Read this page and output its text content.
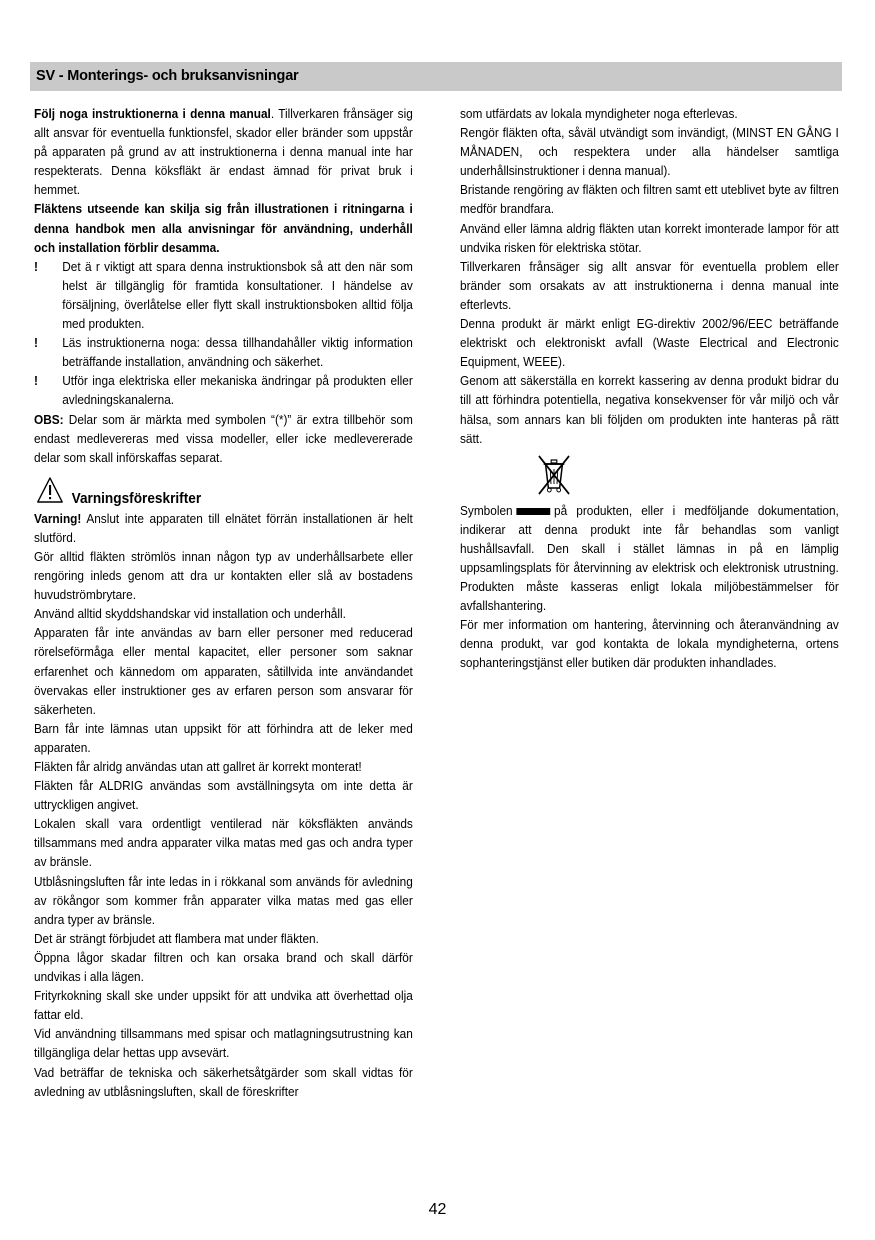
SV - Monterings- och bruksanvisningar

Följ noga instruktionerna i denna manual. Tillverkaren frånsäger sig allt ansvar för eventuella funktionsfel, skador eller bränder som uppstår på apparaten på grund av att instruktionerna i denna manual inte har respekterats. Denna köksfläkt är endast ämnad för privat bruk i hemmet.

Fläktens utseende kan skilja sig från illustrationen i ritningarna i denna handbok men alla anvisningar för användning, underhåll och installation förblir desamma.

! Det ä r viktigt att spara denna instruktionsbok så att den när som helst är tillgänglig för framtida konsultationer. I händelse av försäljning, överlåtelse eller flytt skall instruktionsboken alltid följa med produkten.
! Läs instruktionerna noga: dessa tillhandahåller viktig information beträffande installation, användning och säkerhet.
! Utför inga elektriska eller mekaniska ändringar på produkten eller avledningskanalerna.

OBS: Delar som är märkta med symbolen “(*)” är extra tillbehör som endast medlevereras med vissa modeller, eller icke medlevererade delar som skall införskaffas separat.

Varningsföreskrifter

Varning! Anslut inte apparaten till elnätet förrän installationen är helt slutförd.

Gör alltid fläkten strömlös innan någon typ av underhållsarbete eller rengöring inleds genom att dra ur kontakten eller slå av bostadens huvudströmbrytare.

Använd alltid skyddshandskar vid installation och underhåll.

Apparaten får inte användas av barn eller personer med reducerad rörelseförmåga eller mental kapacitet, eller personer som saknar erfarenhet och kännedom om apparaten, såtillvida inte användandet övervakas eller instruktioner ges av erfaren person som ansvarar för säkerheten.

Barn får inte lämnas utan uppsikt för att förhindra att de leker med apparaten.

Fläkten får alridg användas utan att gallret är korrekt monterat!

Fläkten får ALDRIG användas som avställningsyta om inte detta är uttryckligen angivet.

Lokalen skall vara ordentligt ventilerad när köksfläkten används tillsammans med andra apparater vilka matas med gas och andra typer av bränsle.

Utblåsningsluften får inte ledas in i rökkanal som används för avledning av rökångor som kommer från apparater vilka matas med gas eller andra typer av bränsle.

Det är strängt förbjudet att flambera mat under fläkten.

Öppna lågor skadar filtren och kan orsaka brand och skall därför undvikas i alla lägen.

Frityrkokning skall ske under uppsikt för att undvika att överhettad olja fattar eld.

Vid användning tillsammans med spisar och matlagningsutrustning kan tillgängliga delar hettas upp avsevärt.

Vad beträffar de tekniska och säkerhetsåtgärder som skall vidtas för avledning av utblåsningsluften, skall de föreskrifter

som utfärdats av lokala myndigheter noga efterlevas.

Rengör fläkten ofta, såväl utvändigt som invändigt, (MINST EN GÅNG I MÅNADEN, och respektera under alla händelser samtliga underhållsinstruktioner i denna manual).

Bristande rengöring av fläkten och filtren samt ett uteblivet byte av filtren medför brandfara.

Använd eller lämna aldrig fläkten utan korrekt imonterade lampor för att undvika risken för elektriska stötar.

Tillverkaren frånsäger sig allt ansvar för eventuella problem eller bränder som orsakats av att instruktionerna i denna manual inte efterlevts.

Denna produkt är märkt enligt EG-direktiv 2002/96/EEC beträffande elektriskt och elektroniskt avfall (Waste Electrical and Electronic Equipment, WEEE).

Genom att säkerställa en korrekt kassering av denna produkt bidrar du till att förhindra potentiella, negativa konsekvenser för vår miljö och vår hälsa, som annars kan bli följden om produkten inte hanteras på rätt sätt.

Symbolen	på produkten, eller i medföljande dokumentation, indikerar att denna produkt inte får behandlas som vanligt hushållsavfall. Den skall i stället lämnas in på en lämplig uppsamlingsplats för återvinning av elektrisk och elektronisk utrustning. Produkten måste kasseras enligt lokala miljöbestämmelser för avfallshantering.

För mer information om hantering, återvinning och återanvändning av denna produkt, var god kontakta de lokala myndigheterna, ortens sophanteringstjänst eller butiken där produkten inhandlades.

42
